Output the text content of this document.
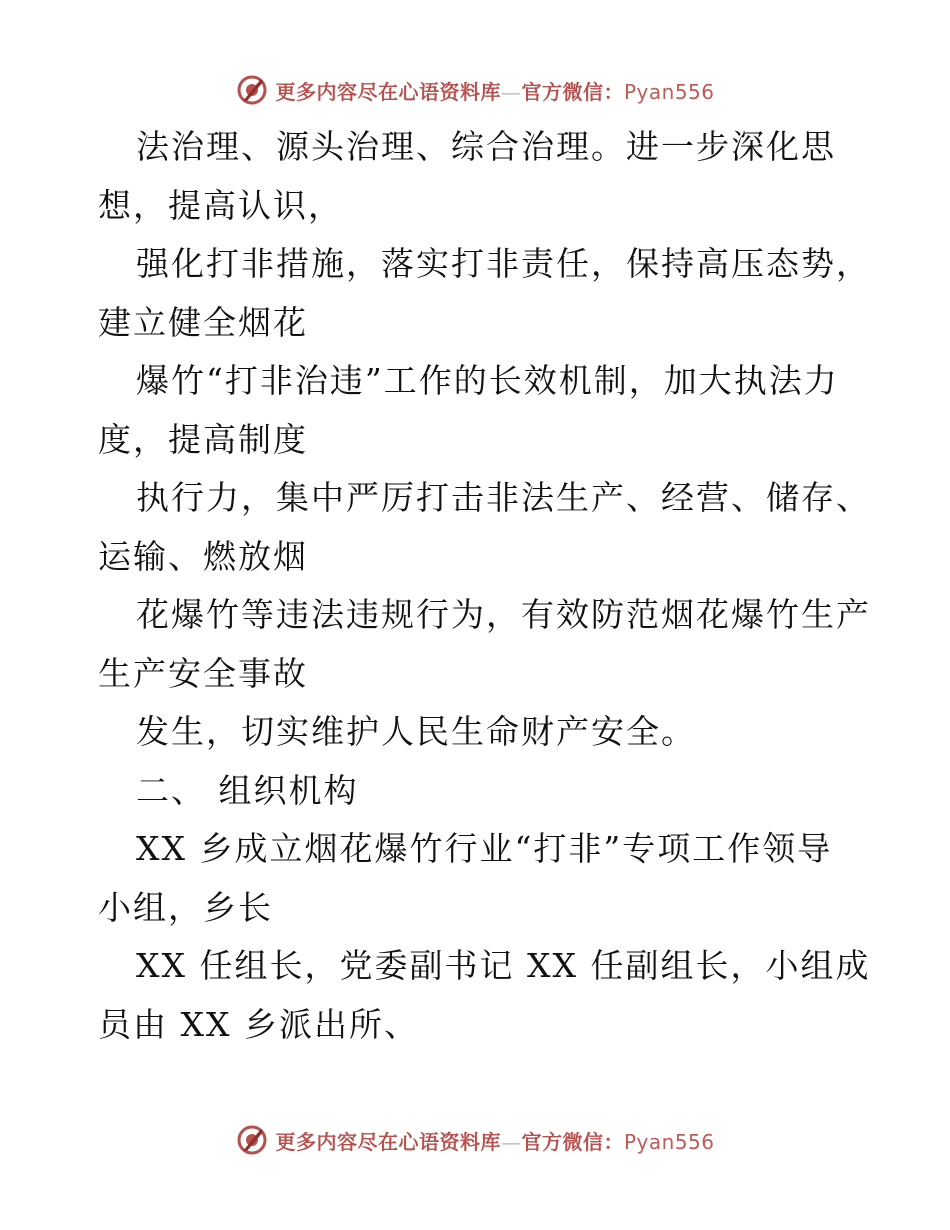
更多内容尽在心语资料库—官方微信：Pyan556
法治理、源头治理、综合治理。进一步深化思
想，提高认识，
强化打非措施，落实打非责任，保持高压态势，
建立健全烟花
爆竹“打非治违”工作的长效机制，加大执法力
度，提高制度
执行力，集中严厉打击非法生产、经营、储存、
运输、燃放烟
花爆竹等违法违规行为，有效防范烟花爆竹生产
生产安全事故
发生，切实维护人民生命财产安全。
二、 组织机构
XX 乡成立烟花爆竹行业“打非”专项工作领导
小组，乡长
XX 任组长，党委副书记 XX 任副组长，小组成
员由 XX 乡派出所、
更多内容尽在心语资料库—官方微信：Pyan556
